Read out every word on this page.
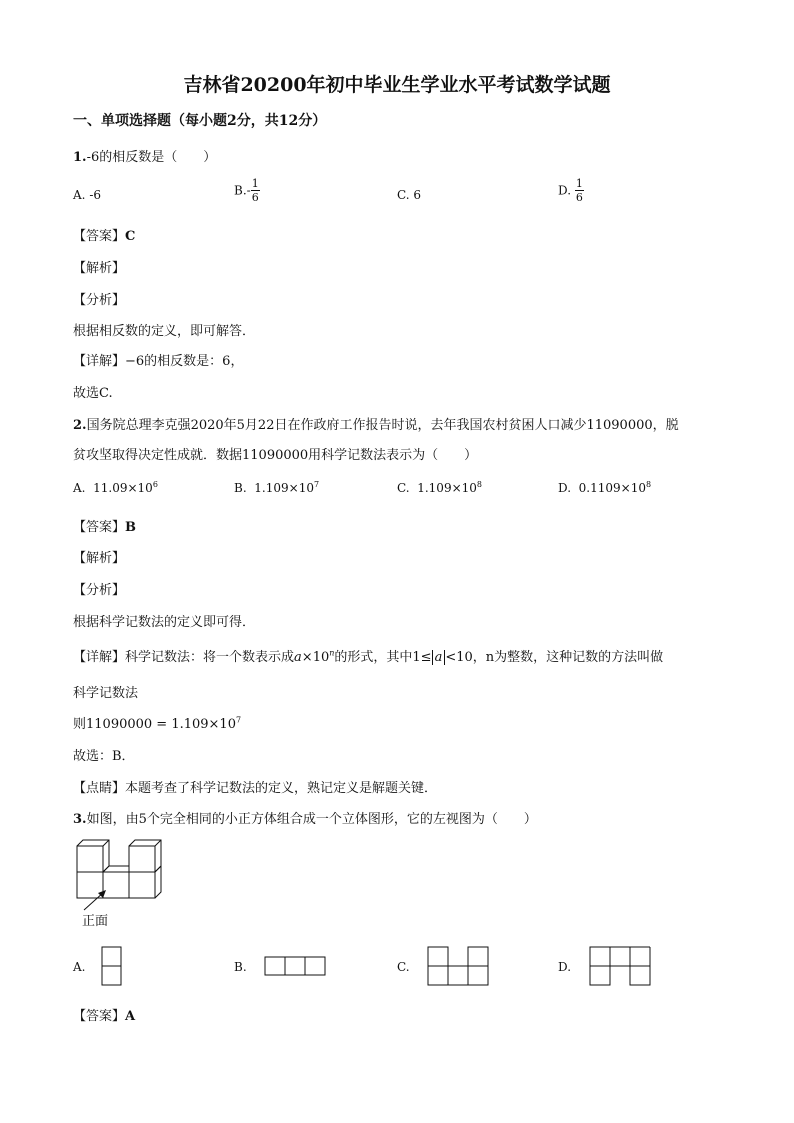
吉林省20200年初中毕业生学业水平考试数学试题
一、单项选择题（每小题2分，共12分）
1.-6的相反数是（　　）
A. -6	$B.- \frac{1}{6}$	C. 6	D. $\frac{1}{6}$
【答案】C
【解析】
【分析】
根据相反数的定义，即可解答．
【详解】−6的相反数是：6，
故选C.
2.国务院总理李克强2020年5月22日在作政府工作报告时说，去年我国农村贫困人口减少11090000，脱
贫攻坚取得决定性成就．数据11090000用科学记数法表示为（　　）
A. $11.09\times 10^6$	B. $1.109\times 10^7$	C. $1.109\times 10^8$	D. $0.1109\times 10^8$
【答案】B
【解析】
【分析】
根据科学记数法的定义即可得．
【详解】科学记数法：将一个数表示成$a\times 10^n$的形式，其中1≤ a <10，n为整数，这种记数的方法叫做
科学记数法
则$11090000 = 1.109\times 10^7$
故选：B．
【点睛】本题考查了科学记数法的定义，熟记定义是解题关键．
3.如图，由5个完全相同的小正方体组合成一个立体图形，它的左视图为（　　）
正面
A.	B.	C.	D.
【答案】A
